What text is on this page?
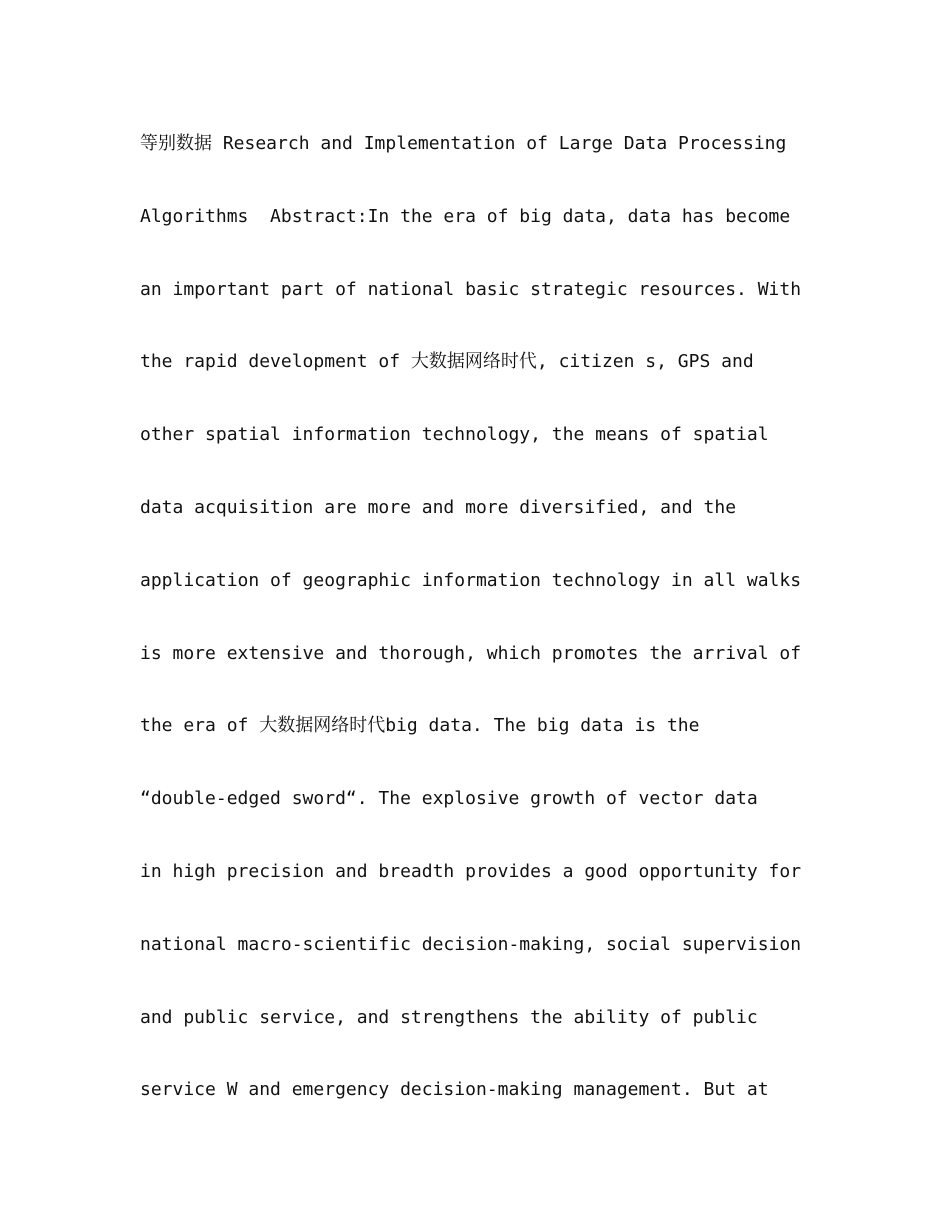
等别数据 Research and Implementation of Large Data Processing
Algorithms  Abstract:In the era of big data, data has become
an important part of national basic strategic resources. With
the rapid development of 大数据网络时代, citizen s, GPS and
other spatial information technology, the means of spatial
data acquisition are more and more diversified, and the
application of geographic information technology in all walks
is more extensive and thorough, which promotes the arrival of
the era of 大数据网络时代big data. The big data is the
“double-edged sword“. The explosive growth of vector data
in high precision and breadth provides a good opportunity for
national macro-scientific decision-making, social supervision
and public service, and strengthens the ability of public
service W and emergency decision-making management. But at
